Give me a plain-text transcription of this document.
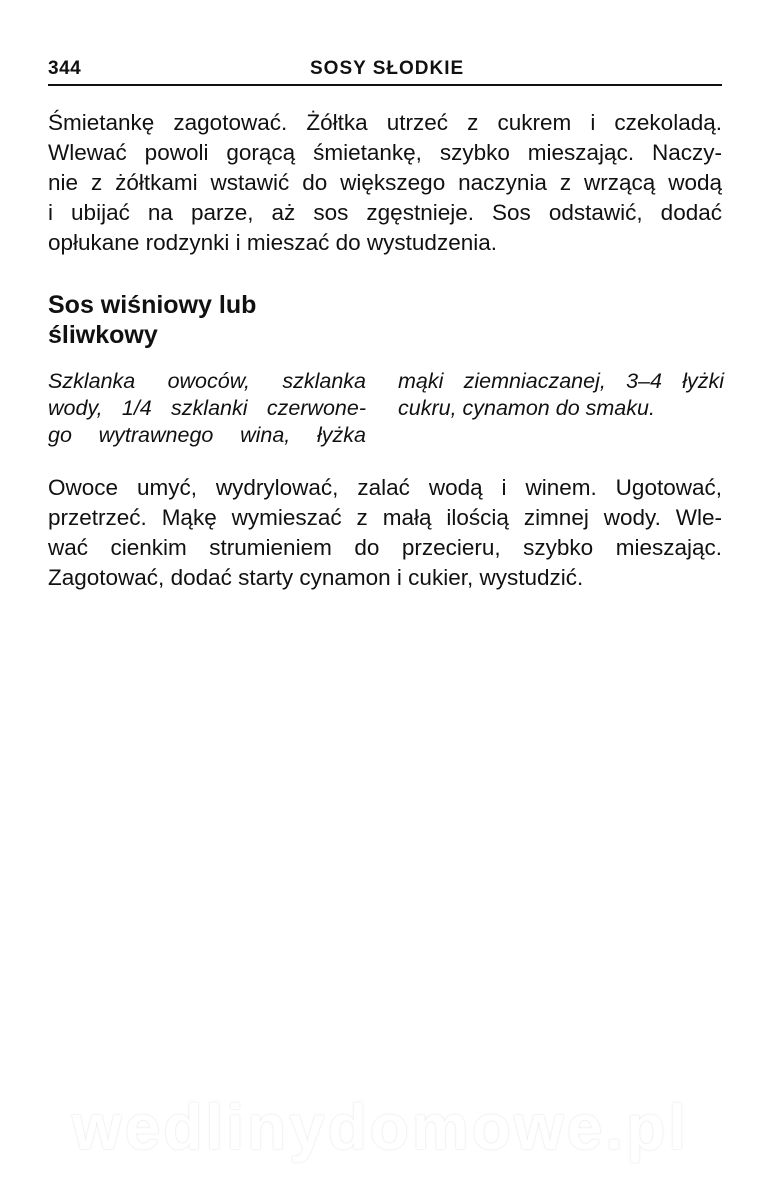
344	SOSY SŁODKIE
Śmietankę zagotować. Żółtka utrzeć z cukrem i czekoladą.
Wlewać powoli gorącą śmietankę, szybko mieszając. Naczy-
nie z żółtkami wstawić do większego naczynia z wrzącą wodą
i ubijać na parze, aż sos zgęstnieje. Sos odstawić, dodać
opłukane rodzynki i mieszać do wystudzenia.
Sos wiśniowy lub
śliwkowy
Szklanka owoców, szklanka
wody, 1/4 szklanki czerwone-
go wytrawnego wina, łyżka
mąki ziemniaczanej, 3–4 łyżki
cukru, cynamon do smaku.
Owoce umyć, wydrylować, zalać wodą i winem. Ugotować,
przetrzeć. Mąkę wymieszać z małą ilością zimnej wody. Wle-
wać cienkim strumieniem do przecieru, szybko mieszając.
Zagotować, dodać starty cynamon i cukier, wystudzić.
wedlinydomowe.pl
